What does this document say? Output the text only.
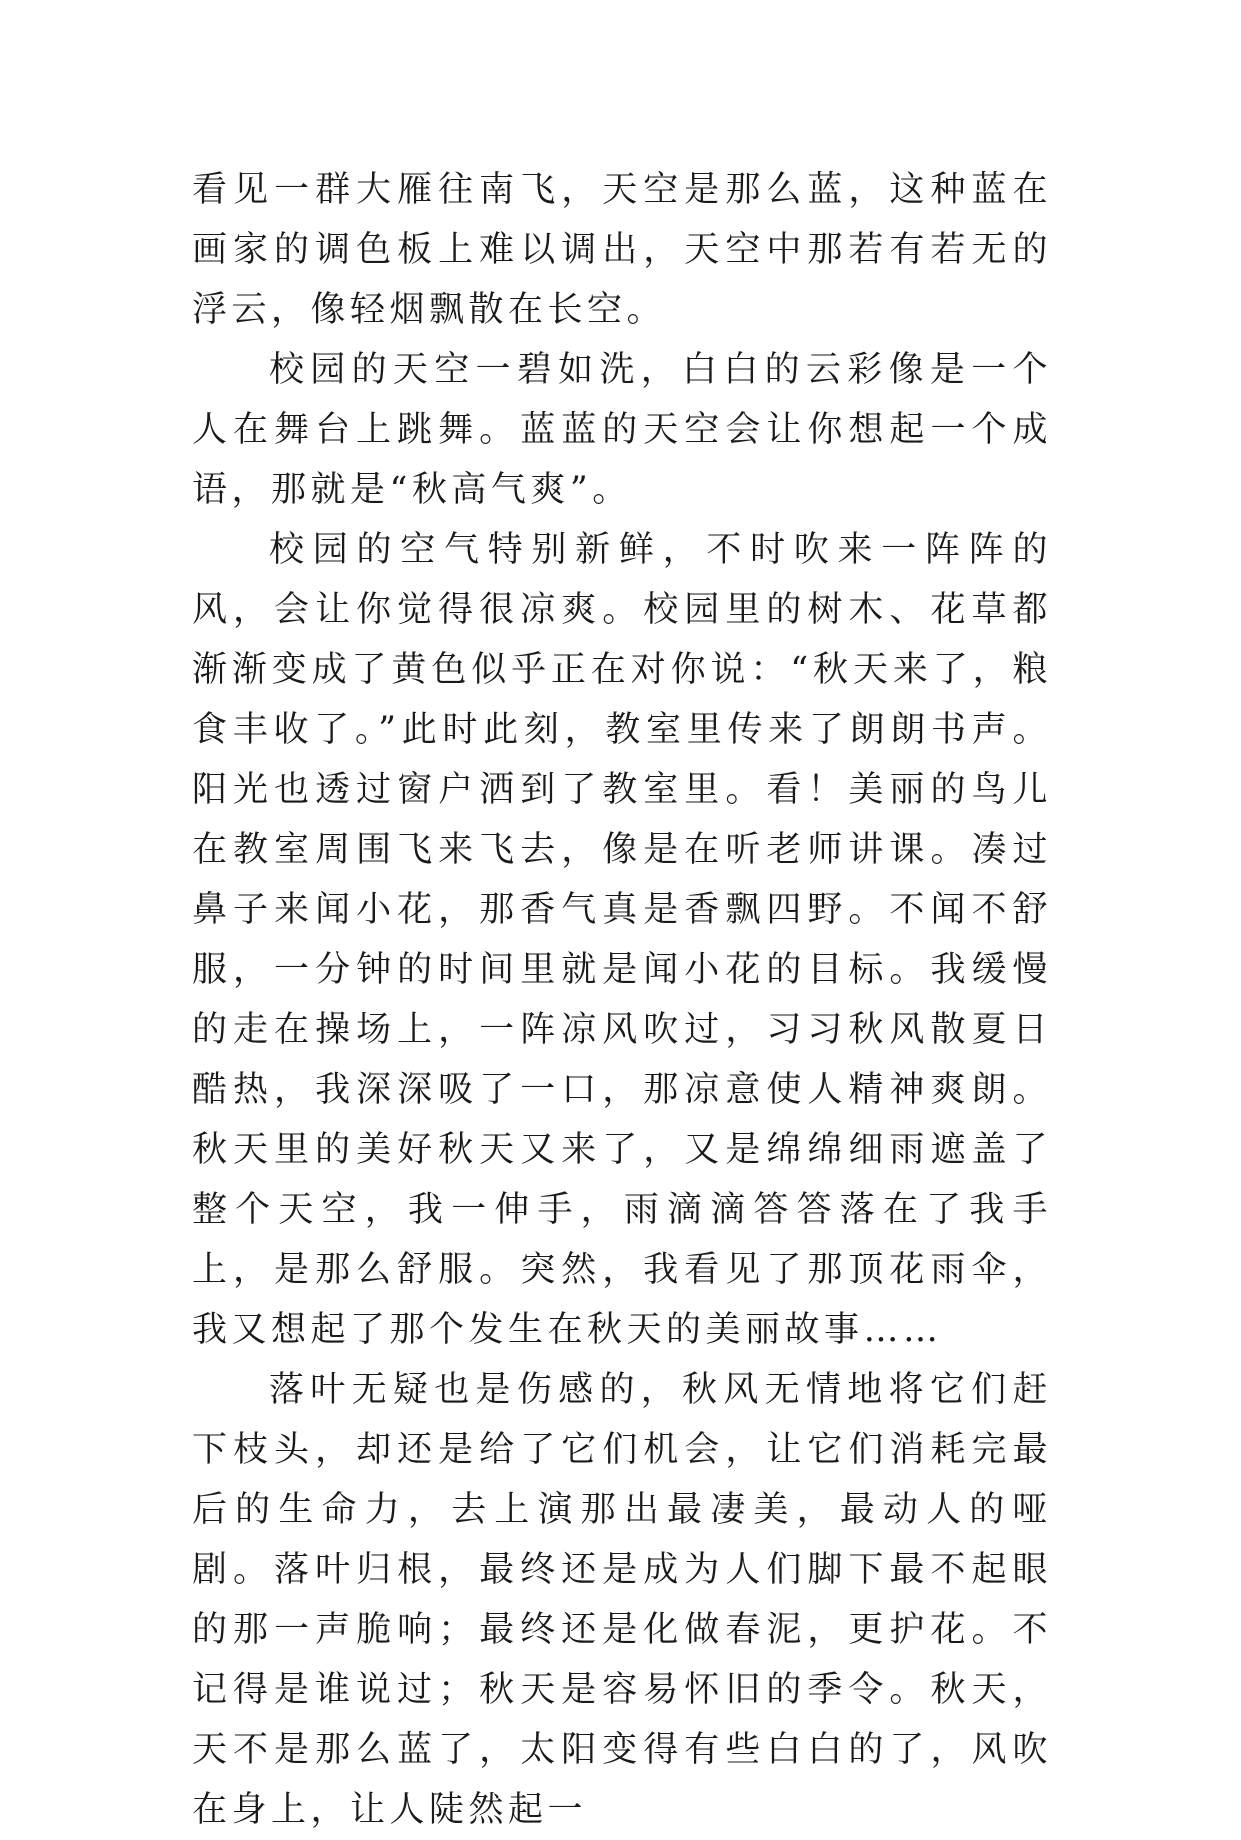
看见一群大雁往南飞，天空是那么蓝，这种蓝在画家的调色板上难以调出，天空中那若有若无的浮云，像轻烟飘散在长空。

校园的天空一碧如洗，白白的云彩像是一个人在舞台上跳舞。蓝蓝的天空会让你想起一个成语，那就是“秋高气爽”。

校园的空气特别新鲜，不时吹来一阵阵的风，会让你觉得很凉爽。校园里的树木、花草都渐渐变成了黄色似乎正在对你说：“秋天来了，粮食丰收了。”此时此刻，教室里传来了朗朗书声。阳光也透过窗户洒到了教室里。看！美丽的鸟儿在教室周围飞来飞去，像是在听老师讲课。凑过鼻子来闻小花，那香气真是香飘四野。不闻不舒服，一分钟的时间里就是闻小花的目标。我缓慢的走在操场上，一阵凉风吹过，习习秋风散夏日酷热，我深深吸了一口，那凉意使人精神爽朗。秋天里的美好秋天又来了，又是绵绵细雨遮盖了整个天空，我一伸手，雨滴滴答答落在了我手上，是那么舒服。突然，我看见了那顶花雨伞，我又想起了那个发生在秋天的美丽故事……

落叶无疑也是伤感的，秋风无情地将它们赶下枝头，却还是给了它们机会，让它们消耗完最后的生命力，去上演那出最凄美，最动人的哑剧。落叶归根，最终还是成为人们脚下最不起眼的那一声脆响；最终还是化做春泥，更护花。不记得是谁说过；秋天是容易怀旧的季令。秋天，天不是那么蓝了，太阳变得有些白白的了，风吹在身上，让人陡然起一
